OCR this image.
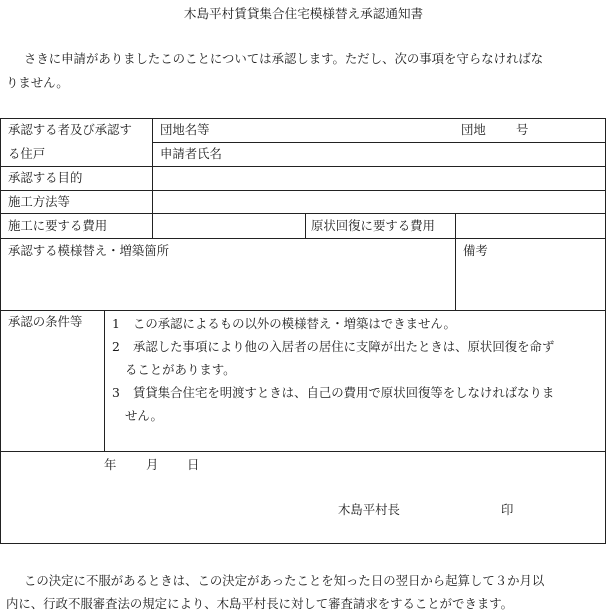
木島平村賃貸集合住宅模様替え承認通知書
さきに申請がありましたこのことについては承認します。ただし、次の事項を守らなければな
りません。
承認する者及び承認す
る住戸
団地名等	団地 号
申請者氏名
承認する目的
施工方法等
施工に要する費用	原状回復に要する費用
承認する模様替え・増築箇所	備考
承認の条件等 1 この承認によるもの以外の模様替え・増築はできません。
2 承認した事項により他の入居者の居住に支障が出たときは、原状回復を命ず
ることがあります。
3 賃貸集合住宅を明渡すときは、自己の費用で原状回復等をしなければなりま
せん。
年 月 日
木島平村長	印
この決定に不服があるときは、この決定があったことを知った日の翌日から起算して３か月以
内に、行政不服審査法の規定により、木島平村長に対して審査請求をすることができます。
